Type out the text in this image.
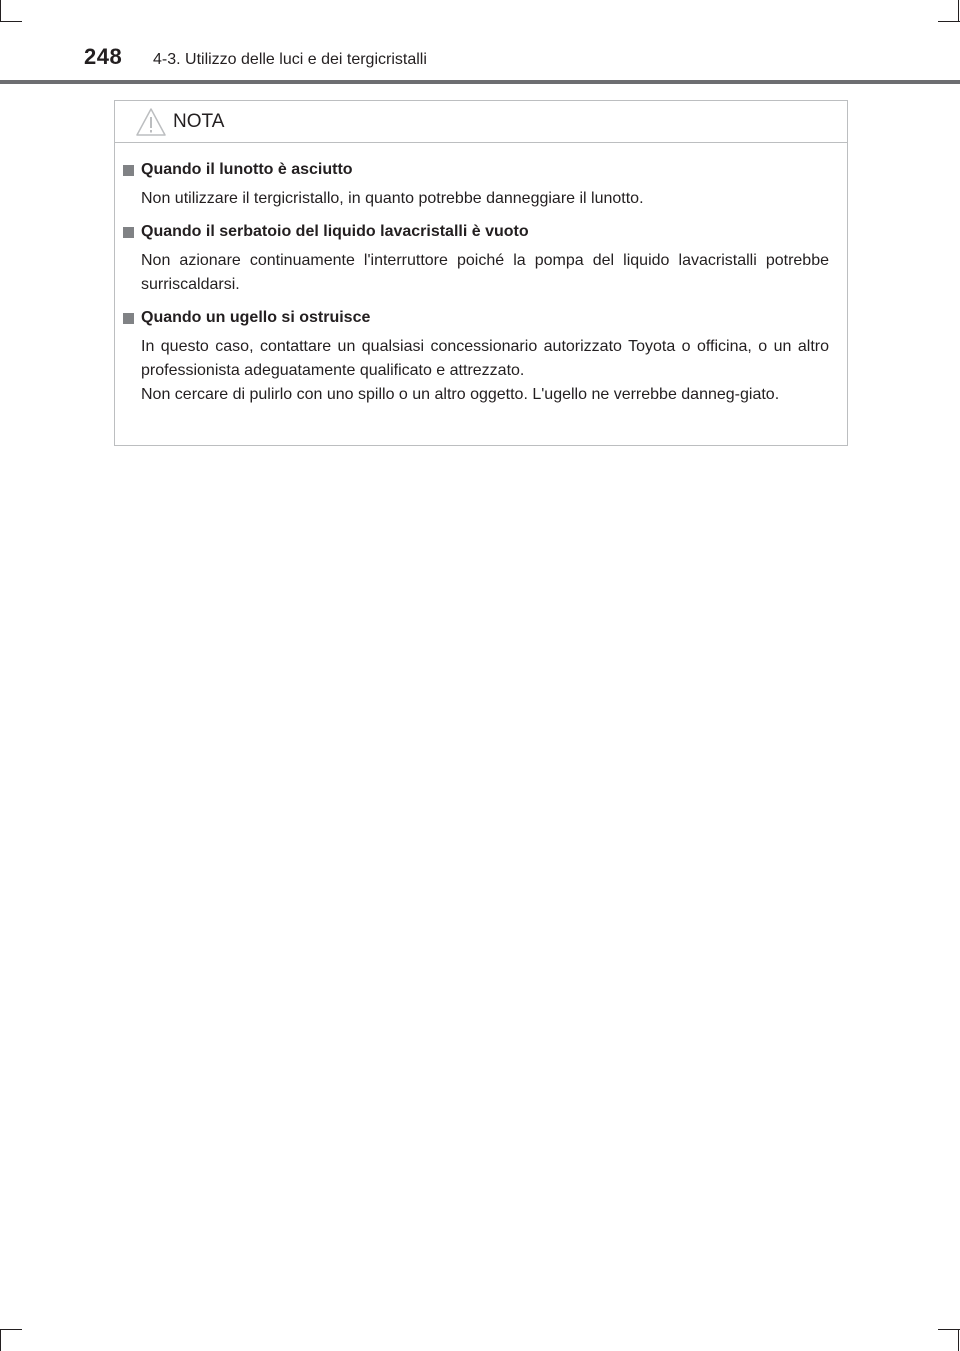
248 4-3. Utilizzo delle luci e dei tergicristalli
NOTA
Quando il lunotto è asciutto

Non utilizzare il tergicristallo, in quanto potrebbe danneggiare il lunotto.

Quando il serbatoio del liquido lavacristalli è vuoto

Non azionare continuamente l'interruttore poiché la pompa del liquido lavacristalli potrebbe surriscaldarsi.

Quando un ugello si ostruisce

In questo caso, contattare un qualsiasi concessionario autorizzato Toyota o officina, o un altro professionista adeguatamente qualificato e attrezzato.

Non cercare di pulirlo con uno spillo o un altro oggetto. L'ugello ne verrebbe danneg-giato.
